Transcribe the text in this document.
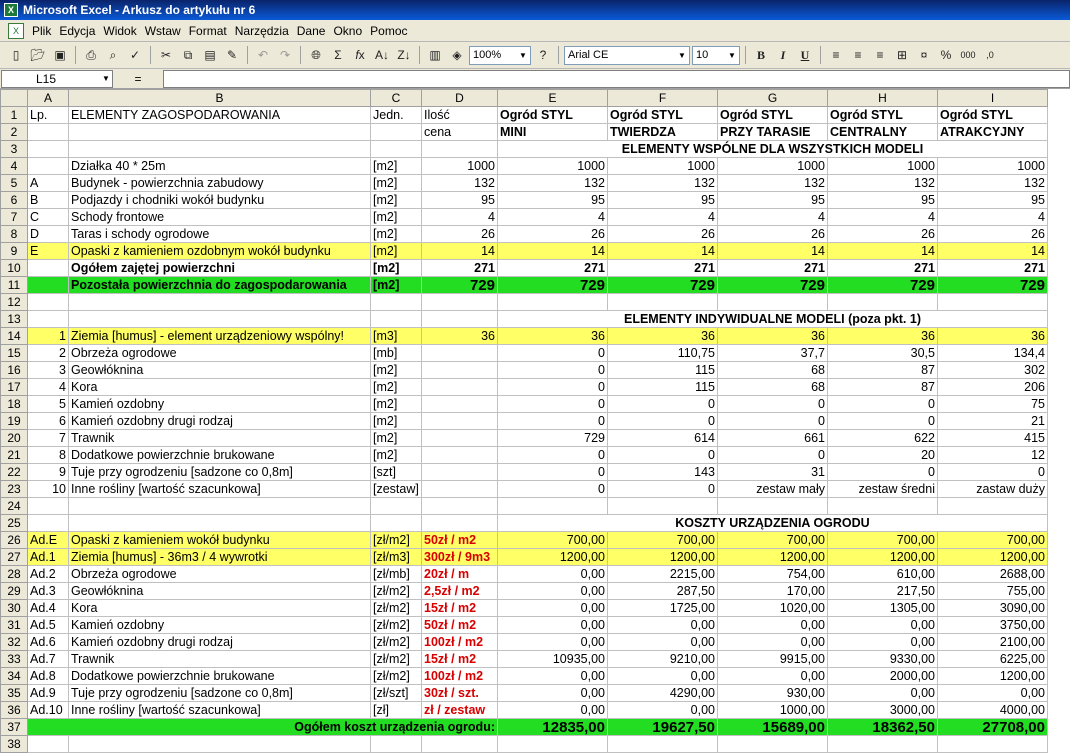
X Microsoft Excel - Arkusz do artykułu nr 6
X	Plik Edycja Widok Wstaw Format Narzędzia Dane Okno Pomoc
▯ 📂︎ ▣	⎙	⌕	✓	✂	⧉	▤ ✎	↶ ↷	🌐︎	Σ	f x A↓ Z↓	▥ ◈	100%	▼	?	Arial CE	▼ 10	▼	B	I U	≡	≡	≡	⊞	¤	%	000	,0
L15	▼	=
	A	B	C	D	E	F	G	H	I
1	Lp.	ELEMENTY ZAGOSPODAROWANIA	Jedn.	Ilość	Ogród STYL	Ogród STYL	Ogród STYL	Ogród STYL	Ogród STYL
2				cena	MINI	TWIERDZA	PRZY TARASIE	CENTRALNY	ATRAKCYJNY
3					ELEMENTY WSPÓLNE DLA WSZYSTKICH MODELI				
4		Działka 40 * 25m	[m2]	1000	1000	1000	1000	1000	1000
5	A	Budynek - powierzchnia zabudowy	[m2]	132	132	132	132	132	132
6	B	Podjazdy i chodniki wokół budynku	[m2]	95	95	95	95	95	95
7	C	Schody frontowe	[m2]	4	4	4	4	4	4
8	D	Taras i schody ogrodowe	[m2]	26	26	26	26	26	26
9	E	Opaski z kamieniem ozdobnym wokół budynku	[m2]	14	14	14	14	14	14
10		Ogółem zajętej powierzchni	[m2]	271	271	271	271	271	271
11		Pozostała powierzchnia do zagospodarowania	[m2]	729	729	729	729	729	729
12									
13					ELEMENTY INDYWIDUALNE MODELI (poza pkt. 1)				
14	1	Ziemia [humus] - element urządzeniowy wspólny!	[m3]	36	36	36	36	36	36
15	2	Obrzeża ogrodowe	[mb]		0	110,75	37,7	30,5	134,4
16	3	Geowłóknina	[m2]		0	115	68	87	302
17	4	Kora	[m2]		0	115	68	87	206
18	5	Kamień ozdobny	[m2]		0	0	0	0	75
19	6	Kamień ozdobny drugi rodzaj	[m2]		0	0	0	0	21
20	7	Trawnik	[m2]		729	614	661	622	415
21	8	Dodatkowe powierzchnie brukowane	[m2]		0	0	0	20	12
22	9	Tuje przy ogrodzeniu [sadzone co 0,8m]	[szt]		0	143	31	0	0
23	10	Inne rośliny [wartość szacunkowa]	[zestaw]		0	0	zestaw mały	zestaw średni	zastaw duży
24									
25					KOSZTY URZĄDZENIA OGRODU				
26	Ad.E	Opaski z kamieniem wokół budynku	[zł/m2]	50zł / m2	700,00	700,00	700,00	700,00	700,00
27	Ad.1	Ziemia [humus] - 36m3 / 4 wywrotki	[zł/m3]	300zł / 9m3	1200,00	1200,00	1200,00	1200,00	1200,00
28	Ad.2	Obrzeża ogrodowe	[zł/mb]	20zł / m	0,00	2215,00	754,00	610,00	2688,00
29	Ad.3	Geowłóknina	[zł/m2]	2,5zł / m2	0,00	287,50	170,00	217,50	755,00
30	Ad.4	Kora	[zł/m2]	15zł / m2	0,00	1725,00	1020,00	1305,00	3090,00
31	Ad.5	Kamień ozdobny	[zł/m2]	50zł / m2	0,00	0,00	0,00	0,00	3750,00
32	Ad.6	Kamień ozdobny drugi rodzaj	[zł/m2]	100zł / m2	0,00	0,00	0,00	0,00	2100,00
33	Ad.7	Trawnik	[zł/m2]	15zł / m2	10935,00	9210,00	9915,00	9330,00	6225,00
34	Ad.8	Dodatkowe powierzchnie brukowane	[zł/m2]	100zł / m2	0,00	0,00	0,00	2000,00	1200,00
35	Ad.9	Tuje przy ogrodzeniu [sadzone co 0,8m]	[zł/szt]	30zł / szt.	0,00	4290,00	930,00	0,00	0,00
36	Ad.10	Inne rośliny [wartość szacunkowa]	[zł]	zł / zestaw	0,00	0,00	1000,00	3000,00	4000,00
37	Ogółem koszt urządzenia ogrodu:				12835,00	19627,50	15689,00	18362,50	27708,00
38									
